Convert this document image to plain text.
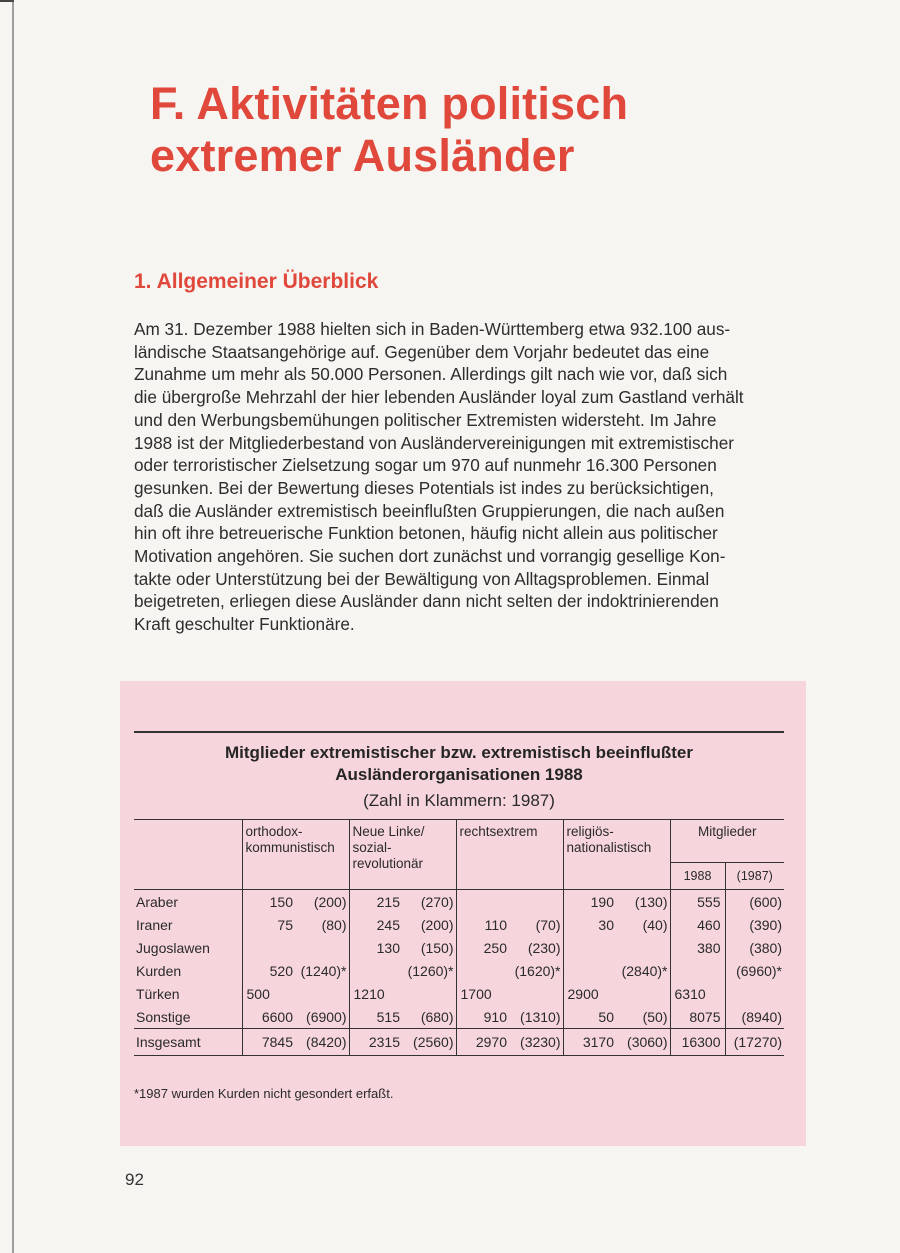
F. Aktivitäten politisch
extremer Ausländer
1. Allgemeiner Überblick
Am 31. Dezember 1988 hielten sich in Baden-Württemberg etwa 932.100 aus-
ländische Staatsangehörige auf. Gegenüber dem Vorjahr bedeutet das eine
Zunahme um mehr als 50.000 Personen. Allerdings gilt nach wie vor, daß sich
die übergroße Mehrzahl der hier lebenden Ausländer loyal zum Gastland verhält
und den Werbungsbemühungen politischer Extremisten widersteht. Im Jahre
1988 ist der Mitgliederbestand von Ausländervereinigungen mit extremistischer
oder terroristischer Zielsetzung sogar um 970 auf nunmehr 16.300 Personen
gesunken. Bei der Bewertung dieses Potentials ist indes zu berücksichtigen,
daß die Ausländer extremistisch beeinflußten Gruppierungen, die nach außen
hin oft ihre betreuerische Funktion betonen, häufig nicht allein aus politischer
Motivation angehören. Sie suchen dort zunächst und vorrangig gesellige Kon-
takte oder Unterstützung bei der Bewältigung von Alltagsproblemen. Einmal
beigetreten, erliegen diese Ausländer dann nicht selten der indoktrinierenden
Kraft geschulter Funktionäre.
Mitglieder extremistischer bzw. extremistisch beeinflußter
Ausländerorganisationen 1988
(Zahl in Klammern: 1987)
	orthodox- kommunistisch		Neue Linke/ sozial- revolutionär		rechtsextrem		religiös- nationalistisch		Mitglieder	
									1988	(1987)
Araber	150	(200)	215	(270)			190	(130)	555	(600)
Iraner	75	(80)	245	(200)	110	(70)	30	(40)	460	(390)
Jugoslawen			130	(150)	250	(230)			380	(380)
Kurden	520	(1240)*		(1260)*		(1620)*		(2840)*		(6960)*
Türken	500		1210		1700		2900		6310	
Sonstige	6600	(6900)	515	(680)	910	(1310)	50	(50)	8075	(8940)
Insgesamt	7845	(8420)	2315	(2560)	2970	(3230)	3170	(3060)	16300	(17270)
*1987 wurden Kurden nicht gesondert erfaßt.
92
